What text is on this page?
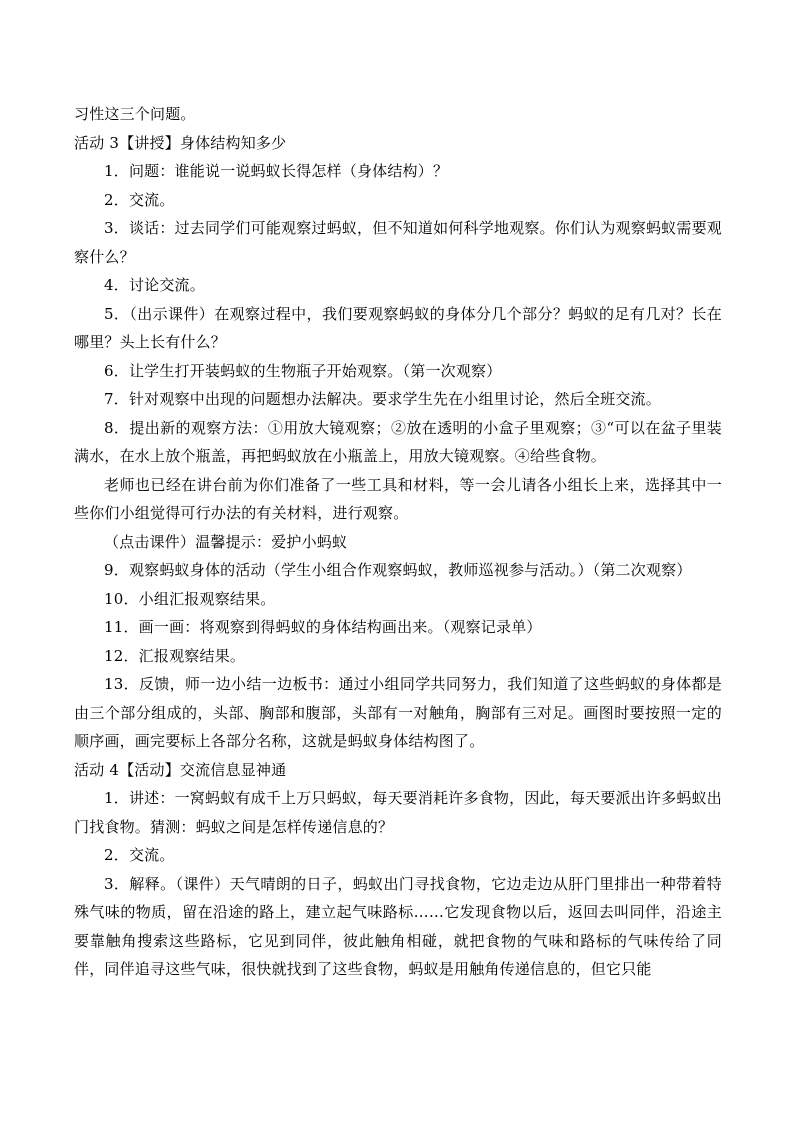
习性这三个问题。

活动 3【讲授】身体结构知多少

1．问题：谁能说一说蚂蚁长得怎样（身体结构）？

2．交流。

3．谈话：过去同学们可能观察过蚂蚁，但不知道如何科学地观察。你们认为观察蚂蚁需要观察什么？

4．讨论交流。

5．（出示课件）在观察过程中，我们要观察蚂蚁的身体分几个部分？蚂蚁的足有几对？长在哪里？头上长有什么？

6．让学生打开装蚂蚁的生物瓶子开始观察。（第一次观察）

7．针对观察中出现的问题想办法解决。要求学生先在小组里讨论，然后全班交流。

8．提出新的观察方法：①用放大镜观察；②放在透明的小盒子里观察；③“可以在盆子里装满水，在水上放个瓶盖，再把蚂蚁放在小瓶盖上，用放大镜观察。④给些食物。

老师也已经在讲台前为你们准备了一些工具和材料，等一会儿请各小组长上来，选择其中一些你们小组觉得可行办法的有关材料，进行观察。

（点击课件）温馨提示：爱护小蚂蚁

9．观察蚂蚁身体的活动（学生小组合作观察蚂蚁，教师巡视参与活动。）（第二次观察）

10．小组汇报观察结果。

11．画一画：将观察到得蚂蚁的身体结构画出来。（观察记录单）

12．汇报观察结果。

13．反馈，师一边小结一边板书：通过小组同学共同努力，我们知道了这些蚂蚁的身体都是由三个部分组成的，头部、胸部和腹部，头部有一对触角，胸部有三对足。画图时要按照一定的顺序画，画完要标上各部分名称，这就是蚂蚁身体结构图了。

活动 4【活动】交流信息显神通

1．讲述：一窝蚂蚁有成千上万只蚂蚁，每天要消耗许多食物，因此，每天要派出许多蚂蚁出门找食物。猜测：蚂蚁之间是怎样传递信息的？

2．交流。

3．解释。（课件）天气晴朗的日子，蚂蚁出门寻找食物，它边走边从肝门里排出一种带着特殊气味的物质，留在沿途的路上，建立起气味路标……它发现食物以后，返回去叫同伴，沿途主要靠触角搜索这些路标，它见到同伴，彼此触角相碰，就把食物的气味和路标的气味传给了同伴，同伴追寻这些气味，很快就找到了这些食物，蚂蚁是用触角传递信息的，但它只能
